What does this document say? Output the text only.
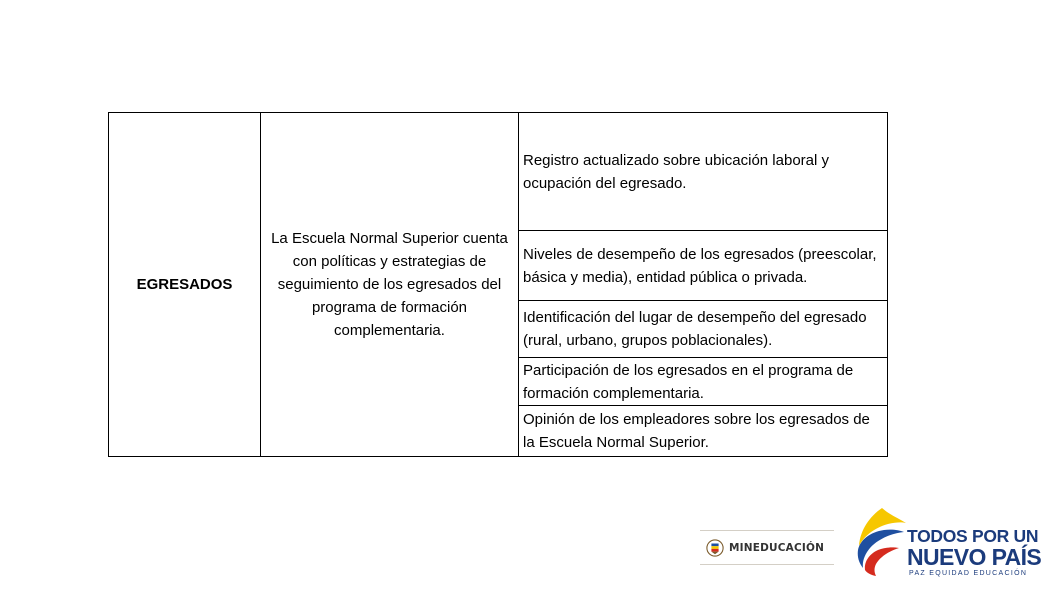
EGRESADOS	La Escuela Normal Superior cuenta con políticas y estrategias de seguimiento de los egresados del programa de formación complementaria.	Registro actualizado sobre ubicación laboral y ocupación del egresado.
Niveles de desempeño de los egresados (preescolar, básica y media), entidad pública o privada.
Identificación del lugar de desempeño del egresado (rural, urbano, grupos poblacionales).
Participación de los egresados en el programa de formación complementaria.
Opinión de los empleadores sobre los egresados de la Escuela Normal Superior.
MINEDUCACIÓN
TODOS POR UN
NUEVO PAÍS
PAZ EQUIDAD EDUCACIÓN
